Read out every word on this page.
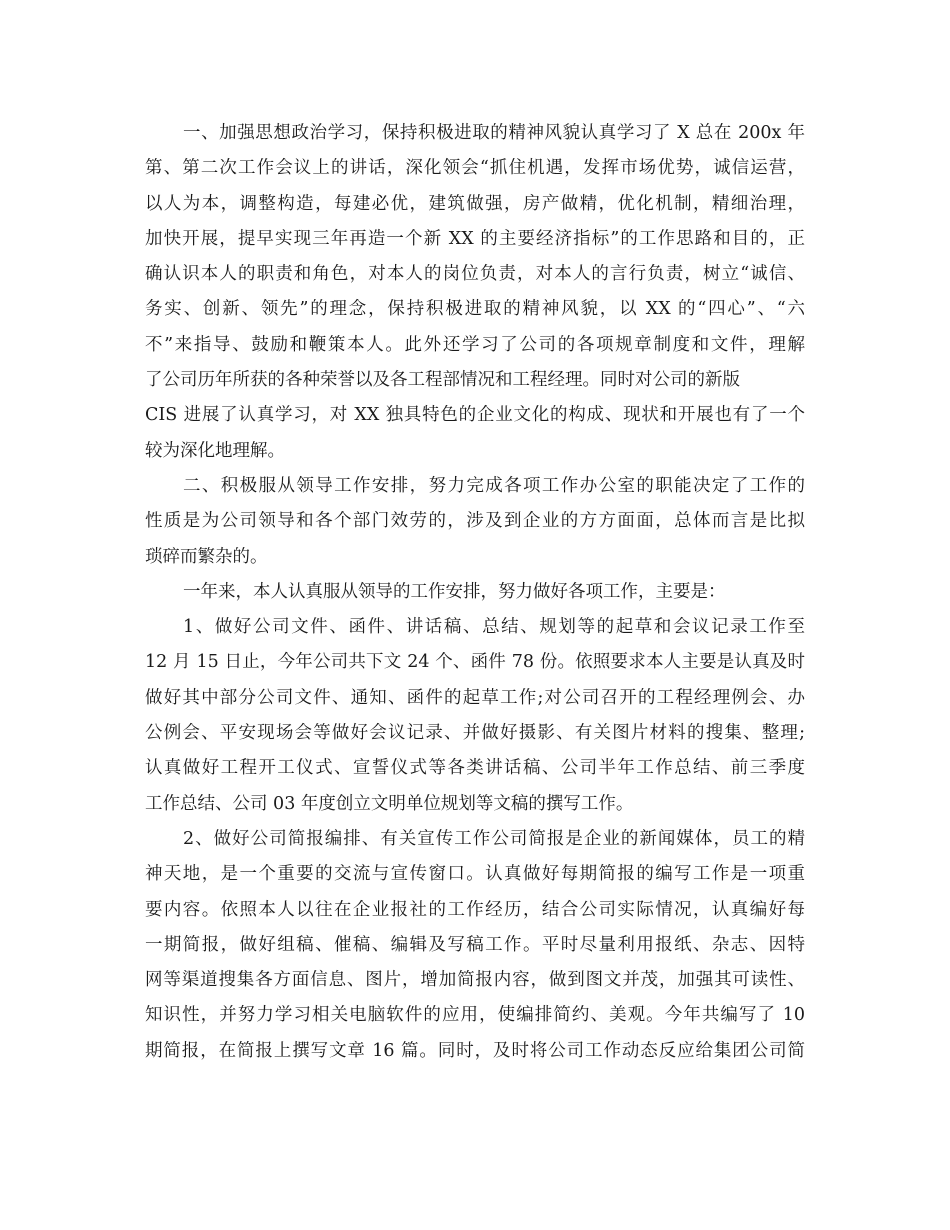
一、加强思想政治学习，保持积极进取的精神风貌认真学习了 X 总在 200x 年
第、第二次工作会议上的讲话，深化领会“抓住机遇，发挥市场优势，诚信运营，
以人为本，调整构造，每建必优，建筑做强，房产做精，优化机制，精细治理，
加快开展，提早实现三年再造一个新 XX 的主要经济指标”的工作思路和目的，正
确认识本人的职责和角色，对本人的岗位负责，对本人的言行负责，树立“诚信、
务实、创新、领先”的理念，保持积极进取的精神风貌，以 XX 的“四心”、“六
不”来指导、鼓励和鞭策本人。此外还学习了公司的各项规章制度和文件，理解
了公司历年所获的各种荣誉以及各工程部情况和工程经理。同时对公司的新版
CIS 进展了认真学习，对 XX 独具特色的企业文化的构成、现状和开展也有了一个
较为深化地理解。
二、积极服从领导工作安排，努力完成各项工作办公室的职能决定了工作的
性质是为公司领导和各个部门效劳的，涉及到企业的方方面面，总体而言是比拟
琐碎而繁杂的。
一年来，本人认真服从领导的工作安排，努力做好各项工作，主要是：
1、做好公司文件、函件、讲话稿、总结、规划等的起草和会议记录工作至
12 月 15 日止，今年公司共下文 24 个、函件 78 份。依照要求本人主要是认真及时
做好其中部分公司文件、通知、函件的起草工作;对公司召开的工程经理例会、办
公例会、平安现场会等做好会议记录、并做好摄影、有关图片材料的搜集、整理;
认真做好工程开工仪式、宣誓仪式等各类讲话稿、公司半年工作总结、前三季度
工作总结、公司 03 年度创立文明单位规划等文稿的撰写工作。
2、做好公司简报编排、有关宣传工作公司简报是企业的新闻媒体，员工的精
神天地，是一个重要的交流与宣传窗口。认真做好每期简报的编写工作是一项重
要内容。依照本人以往在企业报社的工作经历，结合公司实际情况，认真编好每
一期简报，做好组稿、催稿、编辑及写稿工作。平时尽量利用报纸、杂志、因特
网等渠道搜集各方面信息、图片，增加简报内容，做到图文并茂，加强其可读性、
知识性，并努力学习相关电脑软件的应用，使编排简约、美观。今年共编写了 10
期简报，在简报上撰写文章 16 篇。同时，及时将公司工作动态反应给集团公司简
